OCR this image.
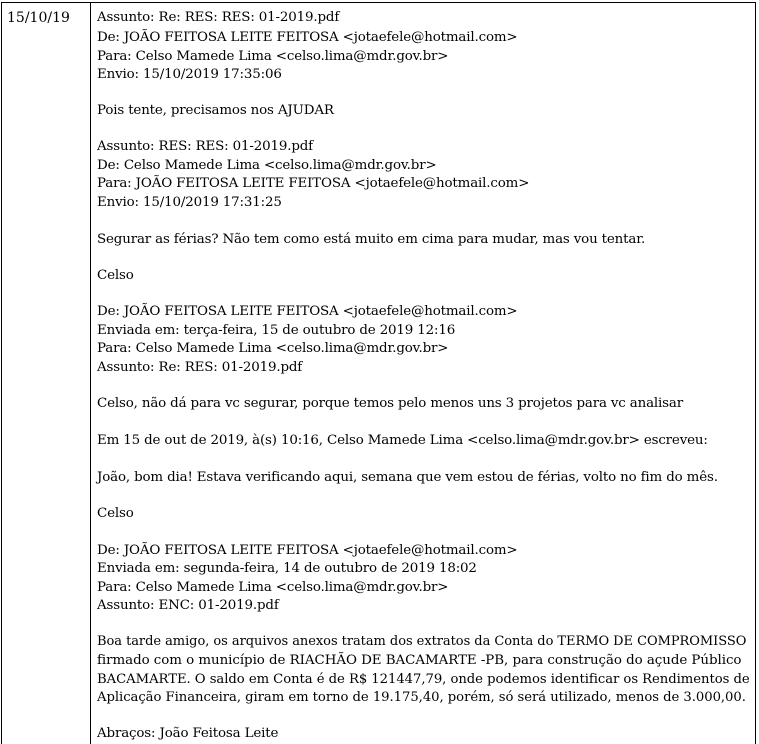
15/10/19 Assunto: Re: RES: RES: 01-2019.pdf
De: JOÃO FEITOSA LEITE FEITOSA <jotaefele@hotmail.com>
Para: Celso Mamede Lima <celso.lima@mdr.gov.br>
Envio: 15/10/2019 17:35:06
Pois tente, precisamos nos AJUDAR
Assunto: RES: RES: 01-2019.pdf
De: Celso Mamede Lima <celso.lima@mdr.gov.br>
Para: JOÃO FEITOSA LEITE FEITOSA <jotaefele@hotmail.com>
Envio: 15/10/2019 17:31:25
Segurar as férias? Não tem como está muito em cima para mudar, mas vou tentar.
Celso
De: JOÃO FEITOSA LEITE FEITOSA <jotaefele@hotmail.com>
Enviada em: terça-feira, 15 de outubro de 2019 12:16
Para: Celso Mamede Lima <celso.lima@mdr.gov.br>
Assunto: Re: RES: 01-2019.pdf
Celso, não dá para vc segurar, porque temos pelo menos uns 3 projetos para vc analisar
Em 15 de out de 2019, à(s) 10:16, Celso Mamede Lima <celso.lima@mdr.gov.br> escreveu:
João, bom dia! Estava verificando aqui, semana que vem estou de férias, volto no fim do mês.
Celso
De: JOÃO FEITOSA LEITE FEITOSA <jotaefele@hotmail.com>
Enviada em: segunda-feira, 14 de outubro de 2019 18:02
Para: Celso Mamede Lima <celso.lima@mdr.gov.br>
Assunto: ENC: 01-2019.pdf
Boa tarde amigo, os arquivos anexos tratam dos extratos da Conta do TERMO DE COMPROMISSO
firmado com o município de RIACHÃO DE BACAMARTE -PB, para construção do açude Público
BACAMARTE. O saldo em Conta é de R$ 121447,79, onde podemos identificar os Rendimentos de
Aplicação Financeira, giram em torno de 19.175,40, porém, só será utilizado, menos de 3.000,00.
Abraços: João Feitosa Leite
